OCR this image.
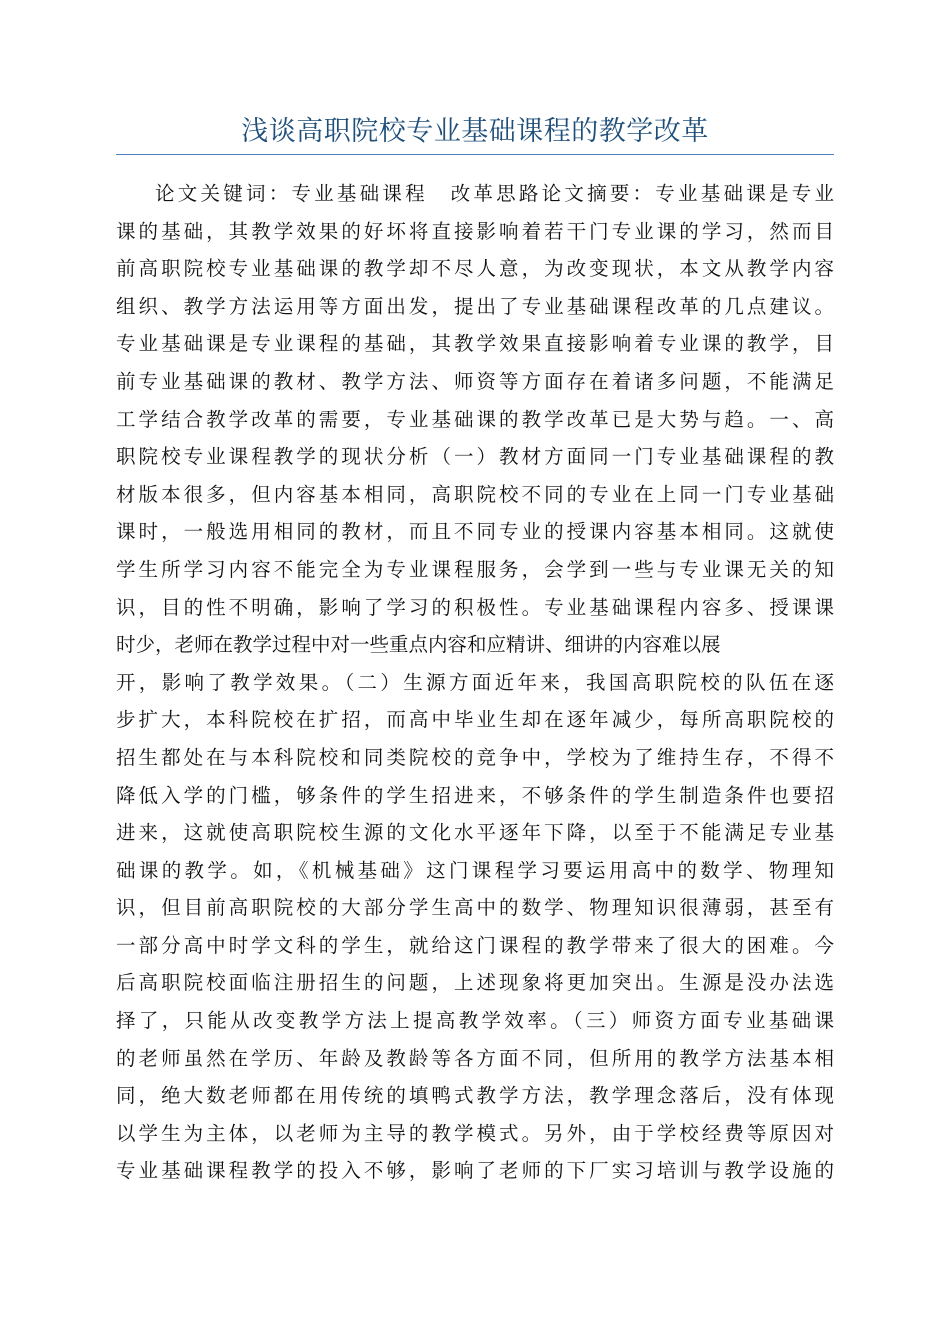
浅谈高职院校专业基础课程的教学改革
论文关键词：专业基础课程　改革思路论文摘要：专业基础课是专业
课的基础，其教学效果的好坏将直接影响着若干门专业课的学习，然而目
前高职院校专业基础课的教学却不尽人意，为改变现状，本文从教学内容
组织、教学方法运用等方面出发，提出了专业基础课程改革的几点建议。
专业基础课是专业课程的基础，其教学效果直接影响着专业课的教学，目
前专业基础课的教材、教学方法、师资等方面存在着诸多问题，不能满足
工学结合教学改革的需要，专业基础课的教学改革已是大势与趋。一、高
职院校专业课程教学的现状分析（一）教材方面同一门专业基础课程的教
材版本很多，但内容基本相同，高职院校不同的专业在上同一门专业基础
课时，一般选用相同的教材，而且不同专业的授课内容基本相同。这就使
学生所学习内容不能完全为专业课程服务，会学到一些与专业课无关的知
识，目的性不明确，影响了学习的积极性。专业基础课程内容多、授课课
时少，老师在教学过程中对一些重点内容和应精讲、细讲的内容难以展
开，影响了教学效果。（二）生源方面近年来，我国高职院校的队伍在逐
步扩大，本科院校在扩招，而高中毕业生却在逐年减少，每所高职院校的
招生都处在与本科院校和同类院校的竞争中，学校为了维持生存，不得不
降低入学的门槛，够条件的学生招进来，不够条件的学生制造条件也要招
进来，这就使高职院校生源的文化水平逐年下降，以至于不能满足专业基
础课的教学。如，《机械基础》这门课程学习要运用高中的数学、物理知
识，但目前高职院校的大部分学生高中的数学、物理知识很薄弱，甚至有
一部分高中时学文科的学生，就给这门课程的教学带来了很大的困难。今
后高职院校面临注册招生的问题，上述现象将更加突出。生源是没办法选
择了，只能从改变教学方法上提高教学效率。（三）师资方面专业基础课
的老师虽然在学历、年龄及教龄等各方面不同，但所用的教学方法基本相
同，绝大数老师都在用传统的填鸭式教学方法，教学理念落后，没有体现
以学生为主体，以老师为主导的教学模式。另外，由于学校经费等原因对
专业基础课程教学的投入不够，影响了老师的下厂实习培训与教学设施的
